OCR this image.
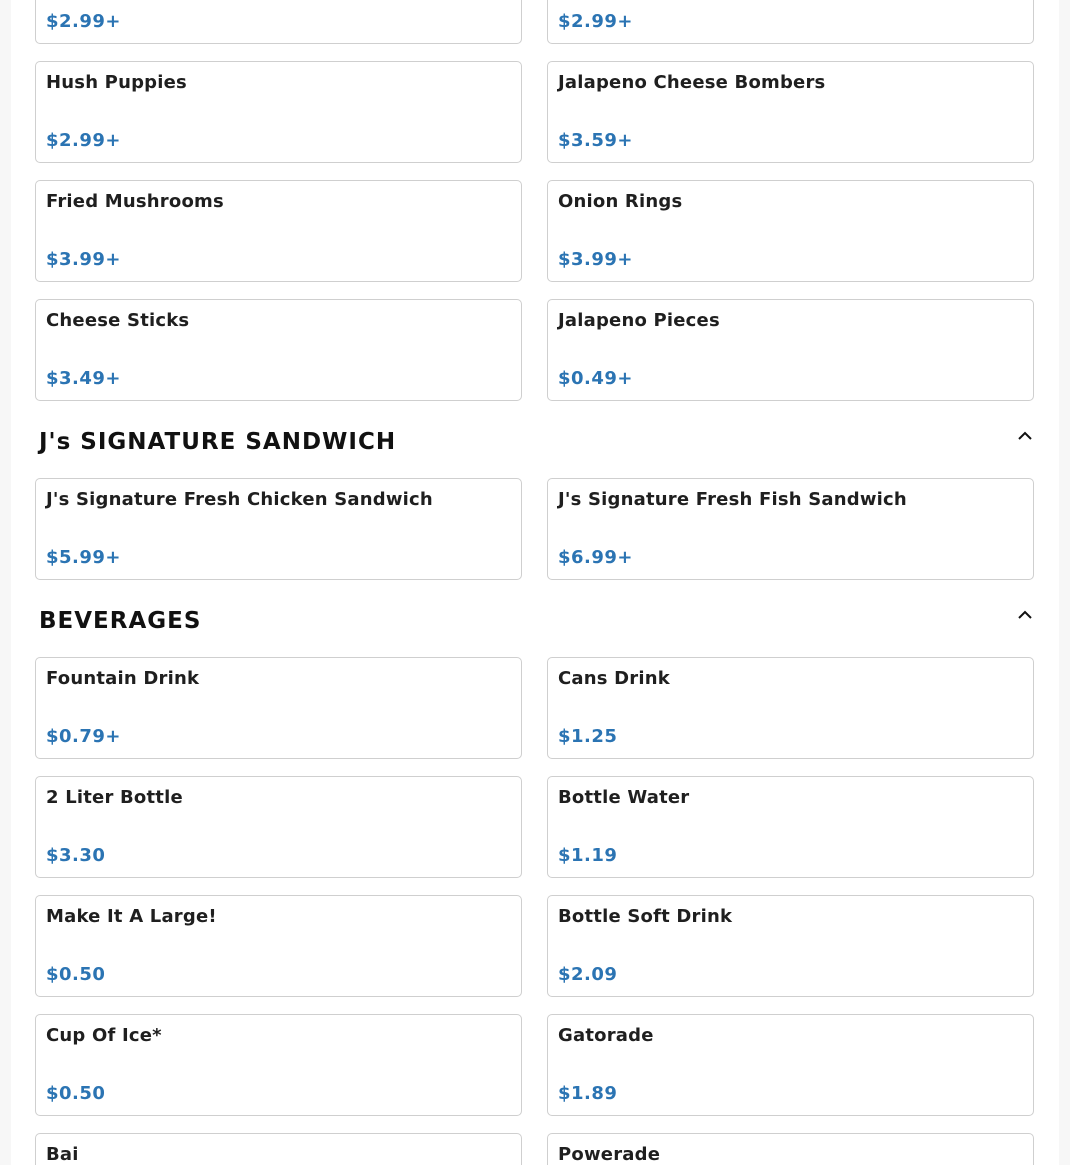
$2.99+	$2.99+
Hush Puppies
$2.99+
Jalapeno Cheese Bombers
$3.59+
Fried Mushrooms
$3.99+
Onion Rings
$3.99+
Cheese Sticks
$3.49+
Jalapeno Pieces
$0.49+
J's SIGNATURE SANDWICH
J's Signature Fresh Chicken Sandwich
$5.99+
J's Signature Fresh Fish Sandwich
$6.99+
BEVERAGES
Fountain Drink
$0.79+
Cans Drink
$1.25
2 Liter Bottle
$3.30
Bottle Water
$1.19
Make It A Large!
$0.50
Bottle Soft Drink
$2.09
Cup Of Ice*
$0.50
Gatorade
$1.89
Bai	Powerade
